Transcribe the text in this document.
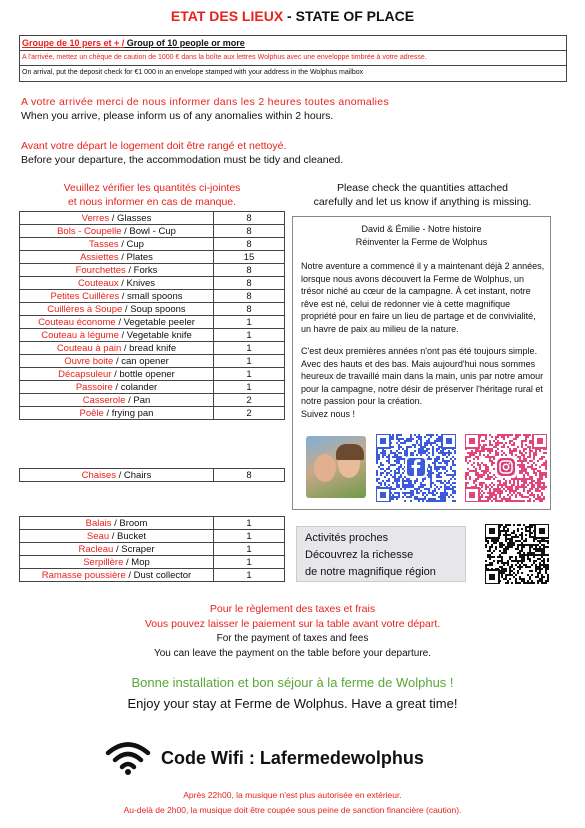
ETAT DES LIEUX - STATE OF PLACE
Groupe de 10 pers et + / Group of 10 people or more
A l'arrivée, mettez un chèque de caution de 1000 € dans la boîte aux lettres Wolphus avec une enveloppe timbrée à votre adresse.
On arrival, put the deposit check for €1 000 in an envelope stamped with your address in the Wolphus mailbox
A votre arrivée merci de nous informer dans les 2 heures toutes anomalies
When you arrive, please inform us of any anomalies within 2 hours.
Avant votre départ le logement doit être rangé et nettoyé.
Before your departure, the accommodation must be tidy and cleaned.
Veuillez vérifier les quantités ci-jointes
et nous informer en cas de manque.
Please check the quantities attached
carefully and let us know if anything is missing.
Verres / Glasses	8
Bols - Coupelle / Bowl - Cup	8
Tasses / Cup	8
Assiettes / Plates	15
Fourchettes / Forks	8
Couteaux / Knives	8
Petites Cuillères / small spoons	8
Cuillères à Soupe / Soup spoons	8
Couteau économe / Vegetable peeler	1
Couteau à légume / Vegetable knife	1
Couteau à pain / bread knife	1
Ouvre boite / can opener	1
Décapsuleur / bottle opener	1
Passoire / colander	1
Casserole / Pan	2
Poêle / frying pan	2
Chaises / Chairs	8
Balais / Broom	1
Seau / Bucket	1
Racleau / Scraper	1
Serpillère / Mop	1
Ramasse poussière / Dust collector	1
David & Émilie - Notre histoire
Réinventer la Ferme de Wolphus

Notre aventure a commencé il y a maintenant déjà 2 années, lorsque nous avons découvert la Ferme de Wolphus, un trésor niché au cœur de la campagne. À cet instant, notre rêve est né, celui de redonner vie à cette magnifique propriété pour en faire un lieu de partage et de convivialité, un havre de paix au milieu de la nature.

C'est deux premières années n'ont pas été toujours simple. Avec des hauts et des bas. Mais aujourd'hui nous sommes heureux de travaillé main dans la main, unis par notre amour pour la campagne, notre désir de préserver l'héritage rural et notre passion pour la création.

Suivez nous !

Activités proches
Découvrez la richesse
de notre magnifique région
Pour le règlement des taxes et frais
Vous pouvez laisser le paiement sur la table avant votre départ.
For the payment of taxes and fees
You can leave the payment on the table before your departure.
Bonne installation et bon séjour à la ferme de Wolphus !
Enjoy your stay at Ferme de Wolphus. Have a great time!
Code Wifi : Lafermedewolphus
Après 22h00, la musique n'est plus autorisée en extérieur.
Au-delà de 2h00, la musique doit être coupée sous peine de sanction financière (caution).
